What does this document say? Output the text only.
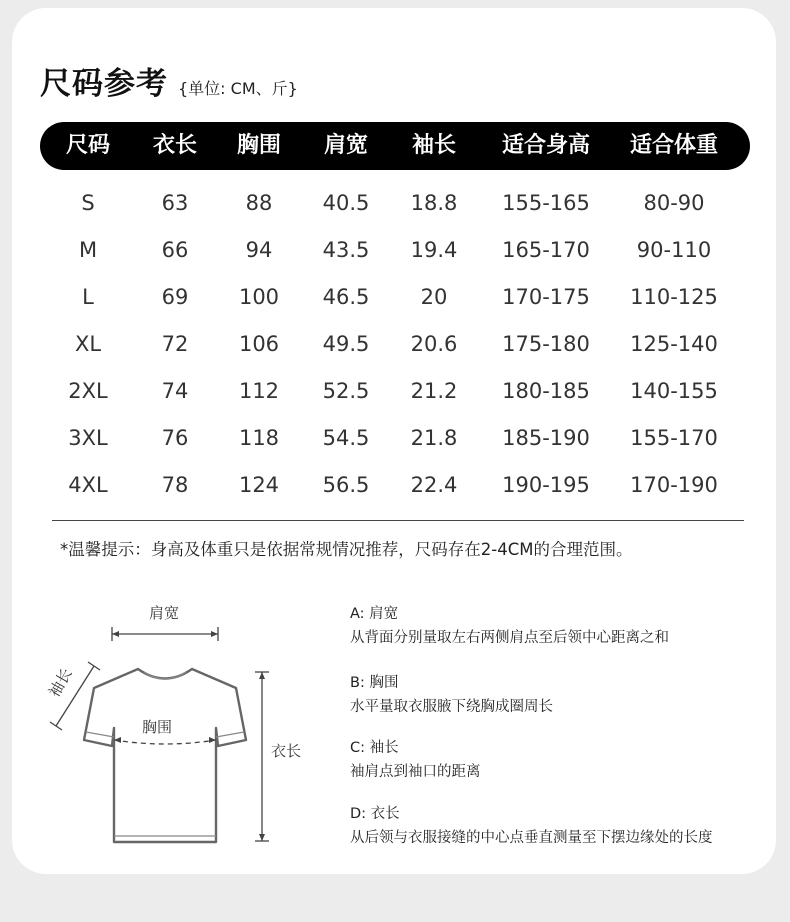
尺码参考 {单位: CM、斤}
尺码 衣长 胸围 肩宽 袖长 适合身高 适合体重
S	63	88 40.5 18.8 155-165	80-90
M	66	94 43.5 19.4 165-170 90-110
L	69 100 46.5 20	170-175 110-125
XL	72 106 49.5 20.6 175-180 125-140
2XL	74 112 52.5 21.2 180-185 140-155
3XL	76 118 54.5 21.8 185-190 155-170
4XL	78 124 56.5 22.4 190-195 170-190
*温馨提示：身高及体重只是依据常规情况推荐，尺码存在2-4CM的合理范围。
肩宽
袖长
胸围
衣长
A: 肩宽
从背面分别量取左右两侧肩点至后领中心距离之和
B: 胸围
水平量取衣服腋下绕胸成圈周长
C: 袖长
袖肩点到袖口的距离
D: 衣长
从后领与衣服接缝的中心点垂直测量至下摆边缘处的长度
